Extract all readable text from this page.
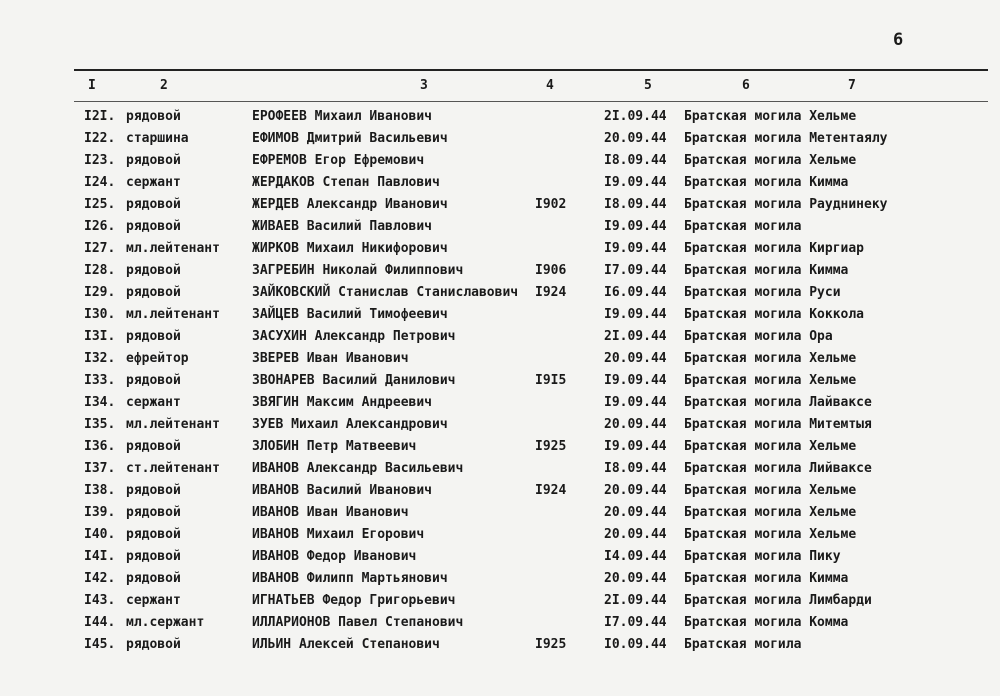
6
I	2	3	4	5	6	7
I2I. рядовой	ЕРОФЕЕВ Михаил Иванович	2I.09.44 Братская могила Хельме
I22. старшина	ЕФИМОВ Дмитрий Васильевич	20.09.44 Братская могила Метентаялу
I23. рядовой	ЕФРЕМОВ Егор Ефремович	I8.09.44 Братская могила Хельме
I24. сержант	ЖЕРДАКОВ Степан Павлович	I9.09.44 Братская могила Кимма
I25. рядовой	ЖЕРДЕВ Александр Иванович	I902	I8.09.44 Братская могила Рауднинеку
I26. рядовой	ЖИВАЕВ Василий Павлович	I9.09.44 Братская могила
I27. мл.лейтенант ЖИРКОВ Михаил Никифорович	I9.09.44 Братская могила Киргиар
I28. рядовой	ЗАГРЕБИН Николай Филиппович	I906	I7.09.44 Братская могила Кимма
I29. рядовой	ЗАЙКОВСКИЙ Станислав Станиславович I924	I6.09.44 Братская могила Руси
I30. мл.лейтенант ЗАЙЦЕВ Василий Тимофеевич	I9.09.44 Братская могила Коккола
I3I. рядовой	ЗАСУХИН Александр Петрович	2I.09.44 Братская могила Ора
I32. ефрейтор	ЗВЕРЕВ Иван Иванович	20.09.44 Братская могила Хельме
I33. рядовой	ЗВОНАРЕВ Василий Данилович	I9I5	I9.09.44 Братская могила Хельме
I34. сержант	ЗВЯГИН Максим Андреевич	I9.09.44 Братская могила Лайваксе
I35. мл.лейтенант ЗУЕВ Михаил Александрович	20.09.44 Братская могила Митемтыя
I36. рядовой	ЗЛОБИН Петр Матвеевич	I925	I9.09.44 Братская могила Хельме
I37. ст.лейтенант ИВАНОВ Александр Васильевич	I8.09.44 Братская могила Лийваксе
I38. рядовой	ИВАНОВ Василий Иванович	I924	20.09.44 Братская могила Хельме
I39. рядовой	ИВАНОВ Иван Иванович	20.09.44 Братская могила Хельме
I40. рядовой	ИВАНОВ Михаил Егорович	20.09.44 Братская могила Хельме
I4I. рядовой	ИВАНОВ Федор Иванович	I4.09.44 Братская могила Пику
I42. рядовой	ИВАНОВ Филипп Мартьянович	20.09.44 Братская могила Кимма
I43. сержант	ИГНАТЬЕВ Федор Григорьевич	2I.09.44 Братская могила Лимбарди
I44. мл.сержант	ИЛЛАРИОНОВ Павел Степанович	I7.09.44 Братская могила Комма
I45. рядовой	ИЛЬИН Алексей Степанович	I925	I0.09.44 Братская могила
